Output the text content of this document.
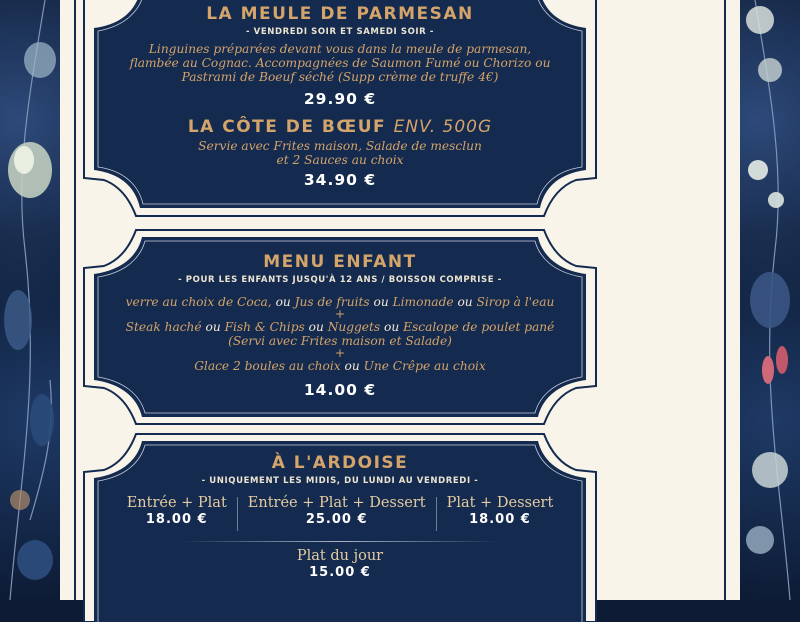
LA MEULE DE PARMESAN
- VENDREDI SOIR ET SAMEDI SOIR -
Linguines préparées devant vous dans la meule de parmesan,
flambée au Cognac. Accompagnées de Saumon Fumé ou Chorizo ou
Pastrami de Boeuf séché (Supp crème de truffe 4€)
29.90 €
LA CÔTE DE BŒUF ENV. 500G
Servie avec Frites maison, Salade de mesclun
et 2 Sauces au choix
34.90 €
MENU ENFANT
- POUR LES ENFANTS JUSQU'À 12 ANS / BOISSON COMPRISE -
verre au choix de Coca, ou Jus de fruits ou Limonade ou Sirop à l'eau
+
Steak haché ou Fish & Chips ou Nuggets ou Escalope de poulet pané
(Servi avec Frites maison et Salade)
+
Glace 2 boules au choix ou Une Crêpe au choix
14.00 €
À L'ARDOISE
- UNIQUEMENT LES MIDIS, DU LUNDI AU VENDREDI -
Entrée + Plat
18.00 €
Entrée + Plat + Dessert
25.00 €
Plat + Dessert
18.00 €
Plat du jour
15.00 €
